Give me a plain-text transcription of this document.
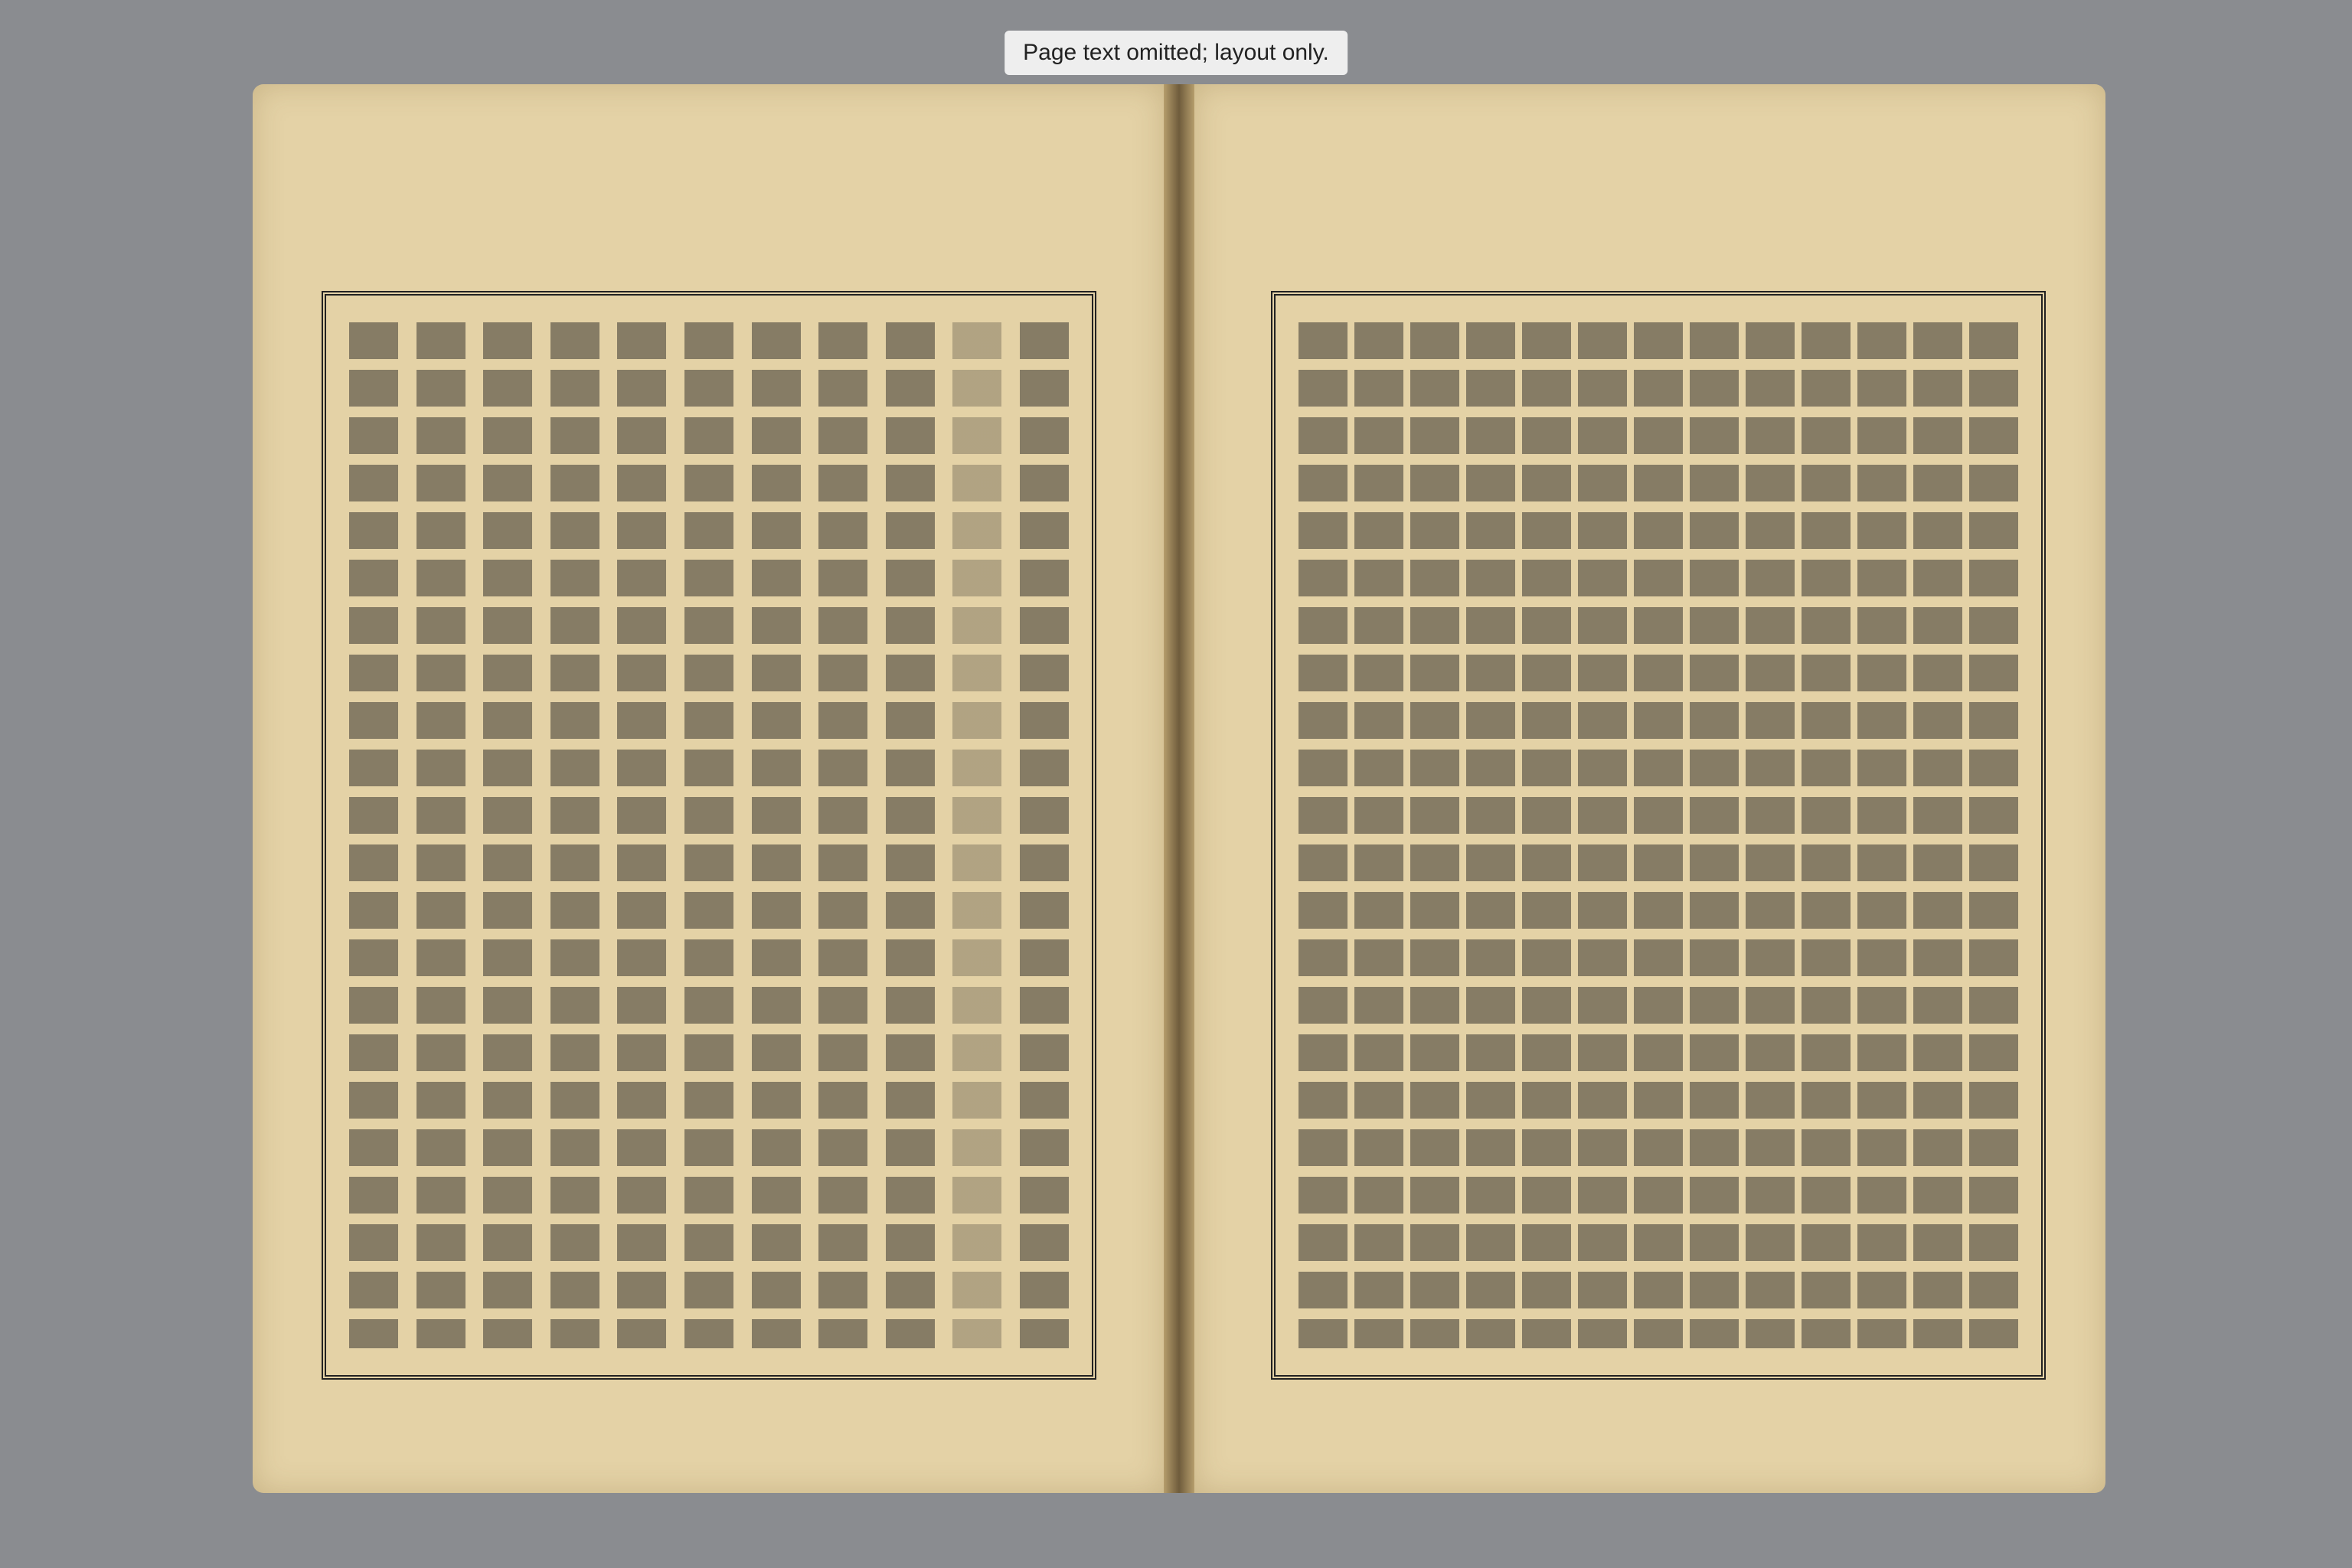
Page text omitted; layout only.
